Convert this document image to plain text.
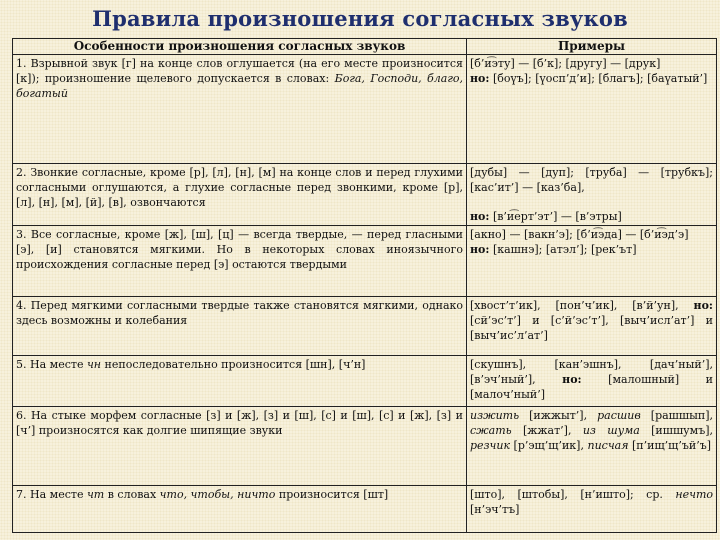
Правила произношения согласных звуков
Особенности произношения согласных звуков	Примеры
1. Взрывной звук [г] на конце слов оглушается (на его месте произносится [к]); произношение щелевого допускается в словах: Бога, Господи, благо, богатый	[б’и͡эту] — [б’к]; [другу] — [друк]
но: [боүъ]; [үосп’д’и]; [благъ]; [баүатый’]

2. Звонкие согласные, кроме [р], [л], [н], [м] на конце слов и перед глухими согласными оглушаются, а глухие согласные перед звонкими, кроме [р], [л], [н], [м], [й], [в], озвончаются	[дубы] — [дуп]; [труба] — [трубкъ]; [кас’ит’] — [каз’ба],
но: [в’и͡ерт’эт’] — [в’этры]

3. Все согласные, кроме [ж], [ш], [ц] — всегда твердые, — перед гласными [э], [и] становятся мягкими. Но в некоторых словах иноязычного происхождения согласные перед [э] остаются твердыми	[акно] — [вакн’э]; [б’и͡эда] — [б’и͡эд’э]
но: [кашнэ]; [атэл’]; [рек’ът]

4. Перед мягкими согласными твердые также становятся мягкими, однако здесь возможны и колебания	[хвост’т’ик], [пон’ч’ик], [в’й’ун], но: [сй’эс’т’] и [с’й’эс’т’], [выч’исл’ат’] и [выч’ис’л’ат’]
5. На месте чн непоследовательно произносится [шн], [ч’н]	[скушнъ], [кан’эшнъ], [дач’ный’], [в’эч’ный’], но: [малошный] и [малоч’ный’]
6. На стыке морфем согласные [з] и [ж], [з] и [ш], [с] и [ш], [с] и [ж], [з] и [ч’] произносятся как долгие шипящие звуки	изжить [ижжыт’], расшив [рашшып], сжать [жжат’], из шума [ишшумъ], резчик [р’эщ’щ’ик], писчая [п’ищ’щ’ъй’ъ]
7. На месте чт в словах что, чтобы, ничто произносится [шт]	[што], [штобы], [н’ишто]; ср. нечто [н’эч’тъ]
